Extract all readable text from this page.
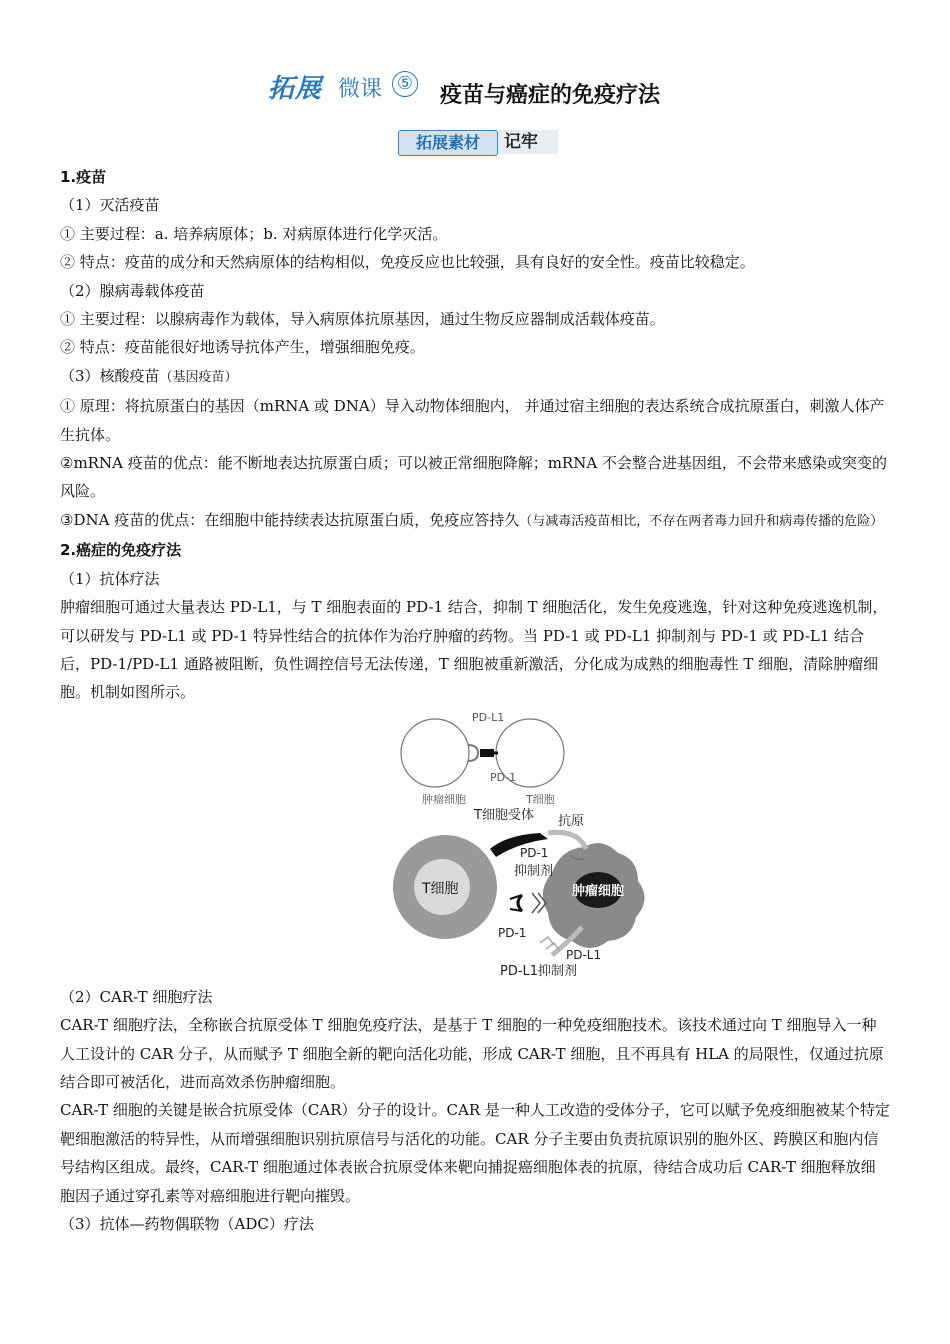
拓展 微课 ⑤ 疫苗与癌症的免疫疗法
拓展素材	记牢

1.疫苗

（1）灭活疫苗

① 主要过程：a. 培养病原体；b. 对病原体进行化学灭活。

② 特点：疫苗的成分和天然病原体的结构相似，免疫反应也比较强，具有良好的安全性。疫苗比较稳定。

（2）腺病毒载体疫苗

① 主要过程：以腺病毒作为载体，导入病原体抗原基因，通过生物反应器制成活载体疫苗。

② 特点：疫苗能很好地诱导抗体产生，增强细胞免疫。

（3）核酸疫苗（基因疫苗）

① 原理：将抗原蛋白的基因（mRNA 或 DNA）导入动物体细胞内， 并通过宿主细胞的表达系统合成抗原蛋白，刺激人体产生抗体。

②mRNA 疫苗的优点：能不断地表达抗原蛋白质；可以被正常细胞降解；mRNA 不会整合进基因组，不会带来感染或突变的风险。

③DNA 疫苗的优点：在细胞中能持续表达抗原蛋白质，免疫应答持久（与减毒活疫苗相比，不存在两者毒力回升和病毒传播的危险）

2.癌症的免疫疗法

（1）抗体疗法

肿瘤细胞可通过大量表达 PD-L1，与 T 细胞表面的 PD-1 结合，抑制 T 细胞活化，发生免疫逃逸，针对这种免疫逃逸机制，可以研发与 PD-L1 或 PD-1 特异性结合的抗体作为治疗肿瘤的药物。当 PD-1 或 PD-L1 抑制剂与 PD-1 或 PD-L1 结合后，PD-1/PD-L1 通路被阻断，负性调控信号无法传递，T 细胞被重新激活，分化成为成熟的细胞毒性 T 细胞，清除肿瘤细胞。机制如图所示。

PD-L1
PD-1
肿瘤细胞	T细胞
T细胞	肿瘤细胞
T细胞受体 抗原
PD-1
抑制剂
PD-1
PD-L1
PD-L1抑制剂

（2）CAR-T 细胞疗法

CAR-T 细胞疗法，全称嵌合抗原受体 T 细胞免疫疗法，是基于 T 细胞的一种免疫细胞技术。该技术通过向 T 细胞导入一种人工设计的 CAR 分子，从而赋予 T 细胞全新的靶向活化功能，形成 CAR-T 细胞，且不再具有 HLA 的局限性，仅通过抗原结合即可被活化，进而高效杀伤肿瘤细胞。

CAR-T 细胞的关键是嵌合抗原受体（CAR）分子的设计。CAR 是一种人工改造的受体分子，它可以赋予免疫细胞被某个特定靶细胞激活的特异性，从而增强细胞识别抗原信号与活化的功能。CAR 分子主要由负责抗原识别的胞外区、跨膜区和胞内信号结构区组成。最终，CAR-T 细胞通过体表嵌合抗原受体来靶向捕捉癌细胞体表的抗原，待结合成功后 CAR-T 细胞释放细胞因子通过穿孔素等对癌细胞进行靶向摧毁。

（3）抗体—药物偶联物（ADC）疗法
